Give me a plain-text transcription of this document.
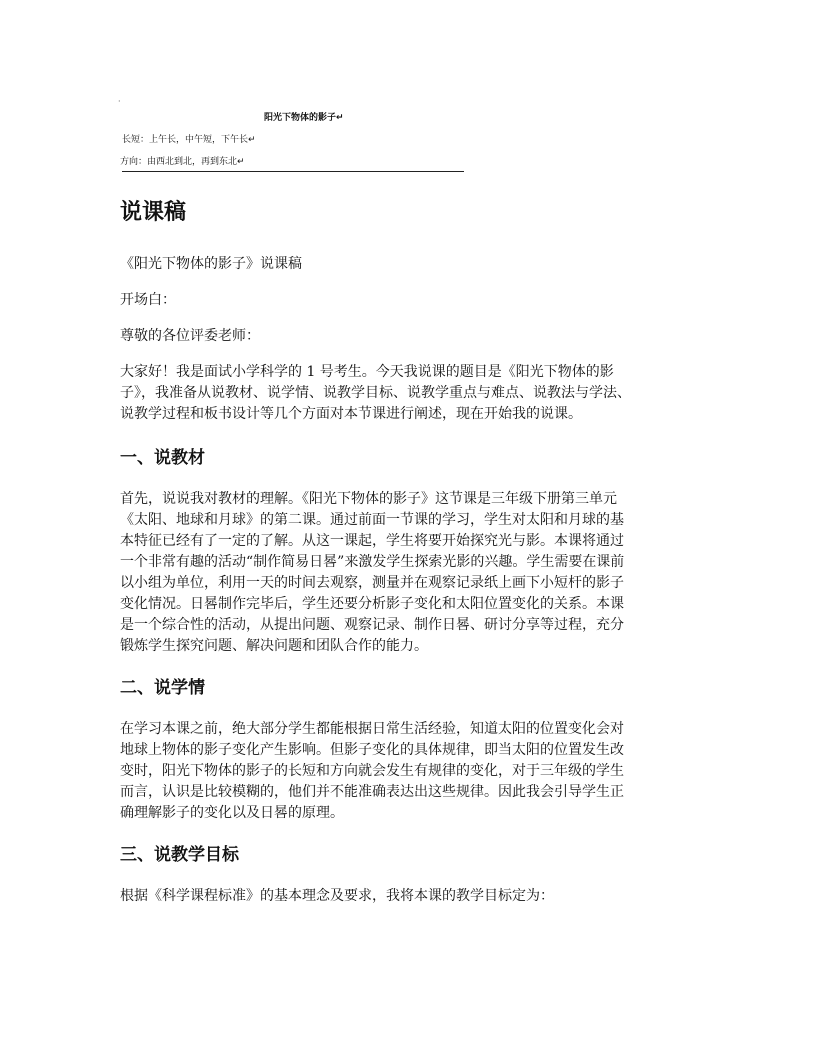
·
阳光下物体的影子↵
长短：上午长，中午短，下午长↵
方向：由西北到北，再到东北↵
说课稿

《阳光下物体的影子》说课稿

开场白：

尊敬的各位评委老师：

大家好！我是面试小学科学的 1 号考生。今天我说课的题目是《阳光下物体的影
子》，我准备从说教材、说学情、说教学目标、说教学重点与难点、说教法与学法、
说教学过程和板书设计等几个方面对本节课进行阐述，现在开始我的说课。

一、说教材

首先，说说我对教材的理解。《阳光下物体的影子》这节课是三年级下册第三单元
《太阳、地球和月球》的第二课。通过前面一节课的学习，学生对太阳和月球的基
本特征已经有了一定的了解。从这一课起，学生将要开始探究光与影。本课将通过
一个非常有趣的活动“制作简易日晷”来激发学生探索光影的兴趣。学生需要在课前
以小组为单位，利用一天的时间去观察，测量并在观察记录纸上画下小短杆的影子
变化情况。日晷制作完毕后，学生还要分析影子变化和太阳位置变化的关系。本课
是一个综合性的活动，从提出问题、观察记录、制作日晷、研讨分享等过程，充分
锻炼学生探究问题、解决问题和团队合作的能力。

二、说学情

在学习本课之前，绝大部分学生都能根据日常生活经验，知道太阳的位置变化会对
地球上物体的影子变化产生影响。但影子变化的具体规律，即当太阳的位置发生改
变时，阳光下物体的影子的长短和方向就会发生有规律的变化，对于三年级的学生
而言，认识是比较模糊的，他们并不能准确表达出这些规律。因此我会引导学生正
确理解影子的变化以及日晷的原理。

三、说教学目标

根据《科学课程标准》的基本理念及要求，我将本课的教学目标定为：
